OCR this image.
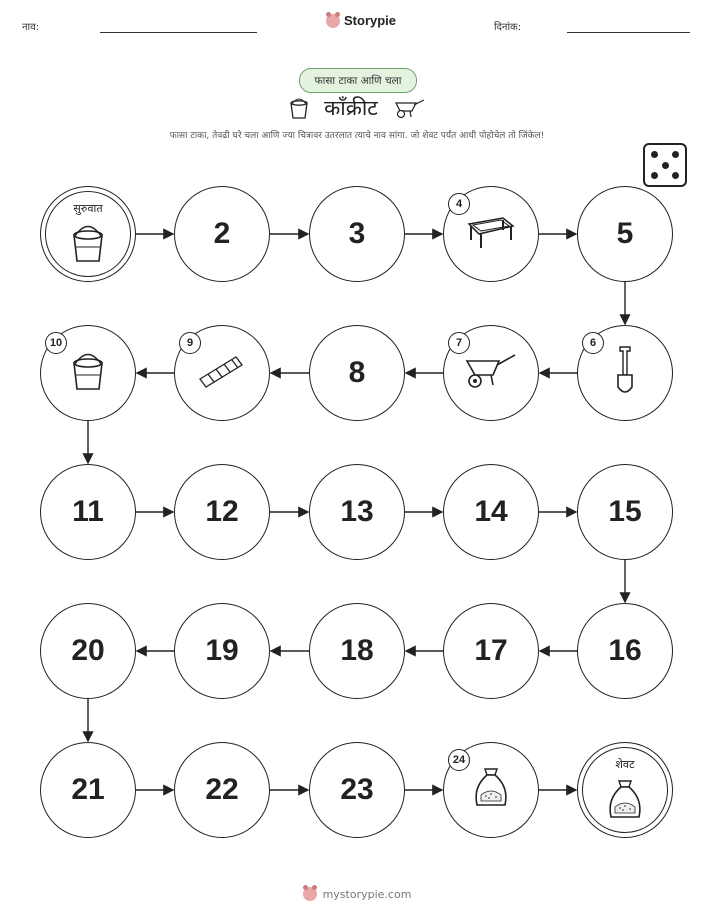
नाव:	Storypie	दिनांक:
फासा टाका आणि चला
कॉंक्रीट
फासा टाका, तेवढी घरे चला आणि ज्या चित्रावर उतरलात त्याचे नाव सांगा. जो शेवट पर्यंत आधी पोहोचेल तो जिंकेल!
सुरुवात
2	3
4
5
6
7
8
9
10
11	12	13	14	15
16
17
18
19
20
21	22	23
24	शेवट
mystorypie.com
